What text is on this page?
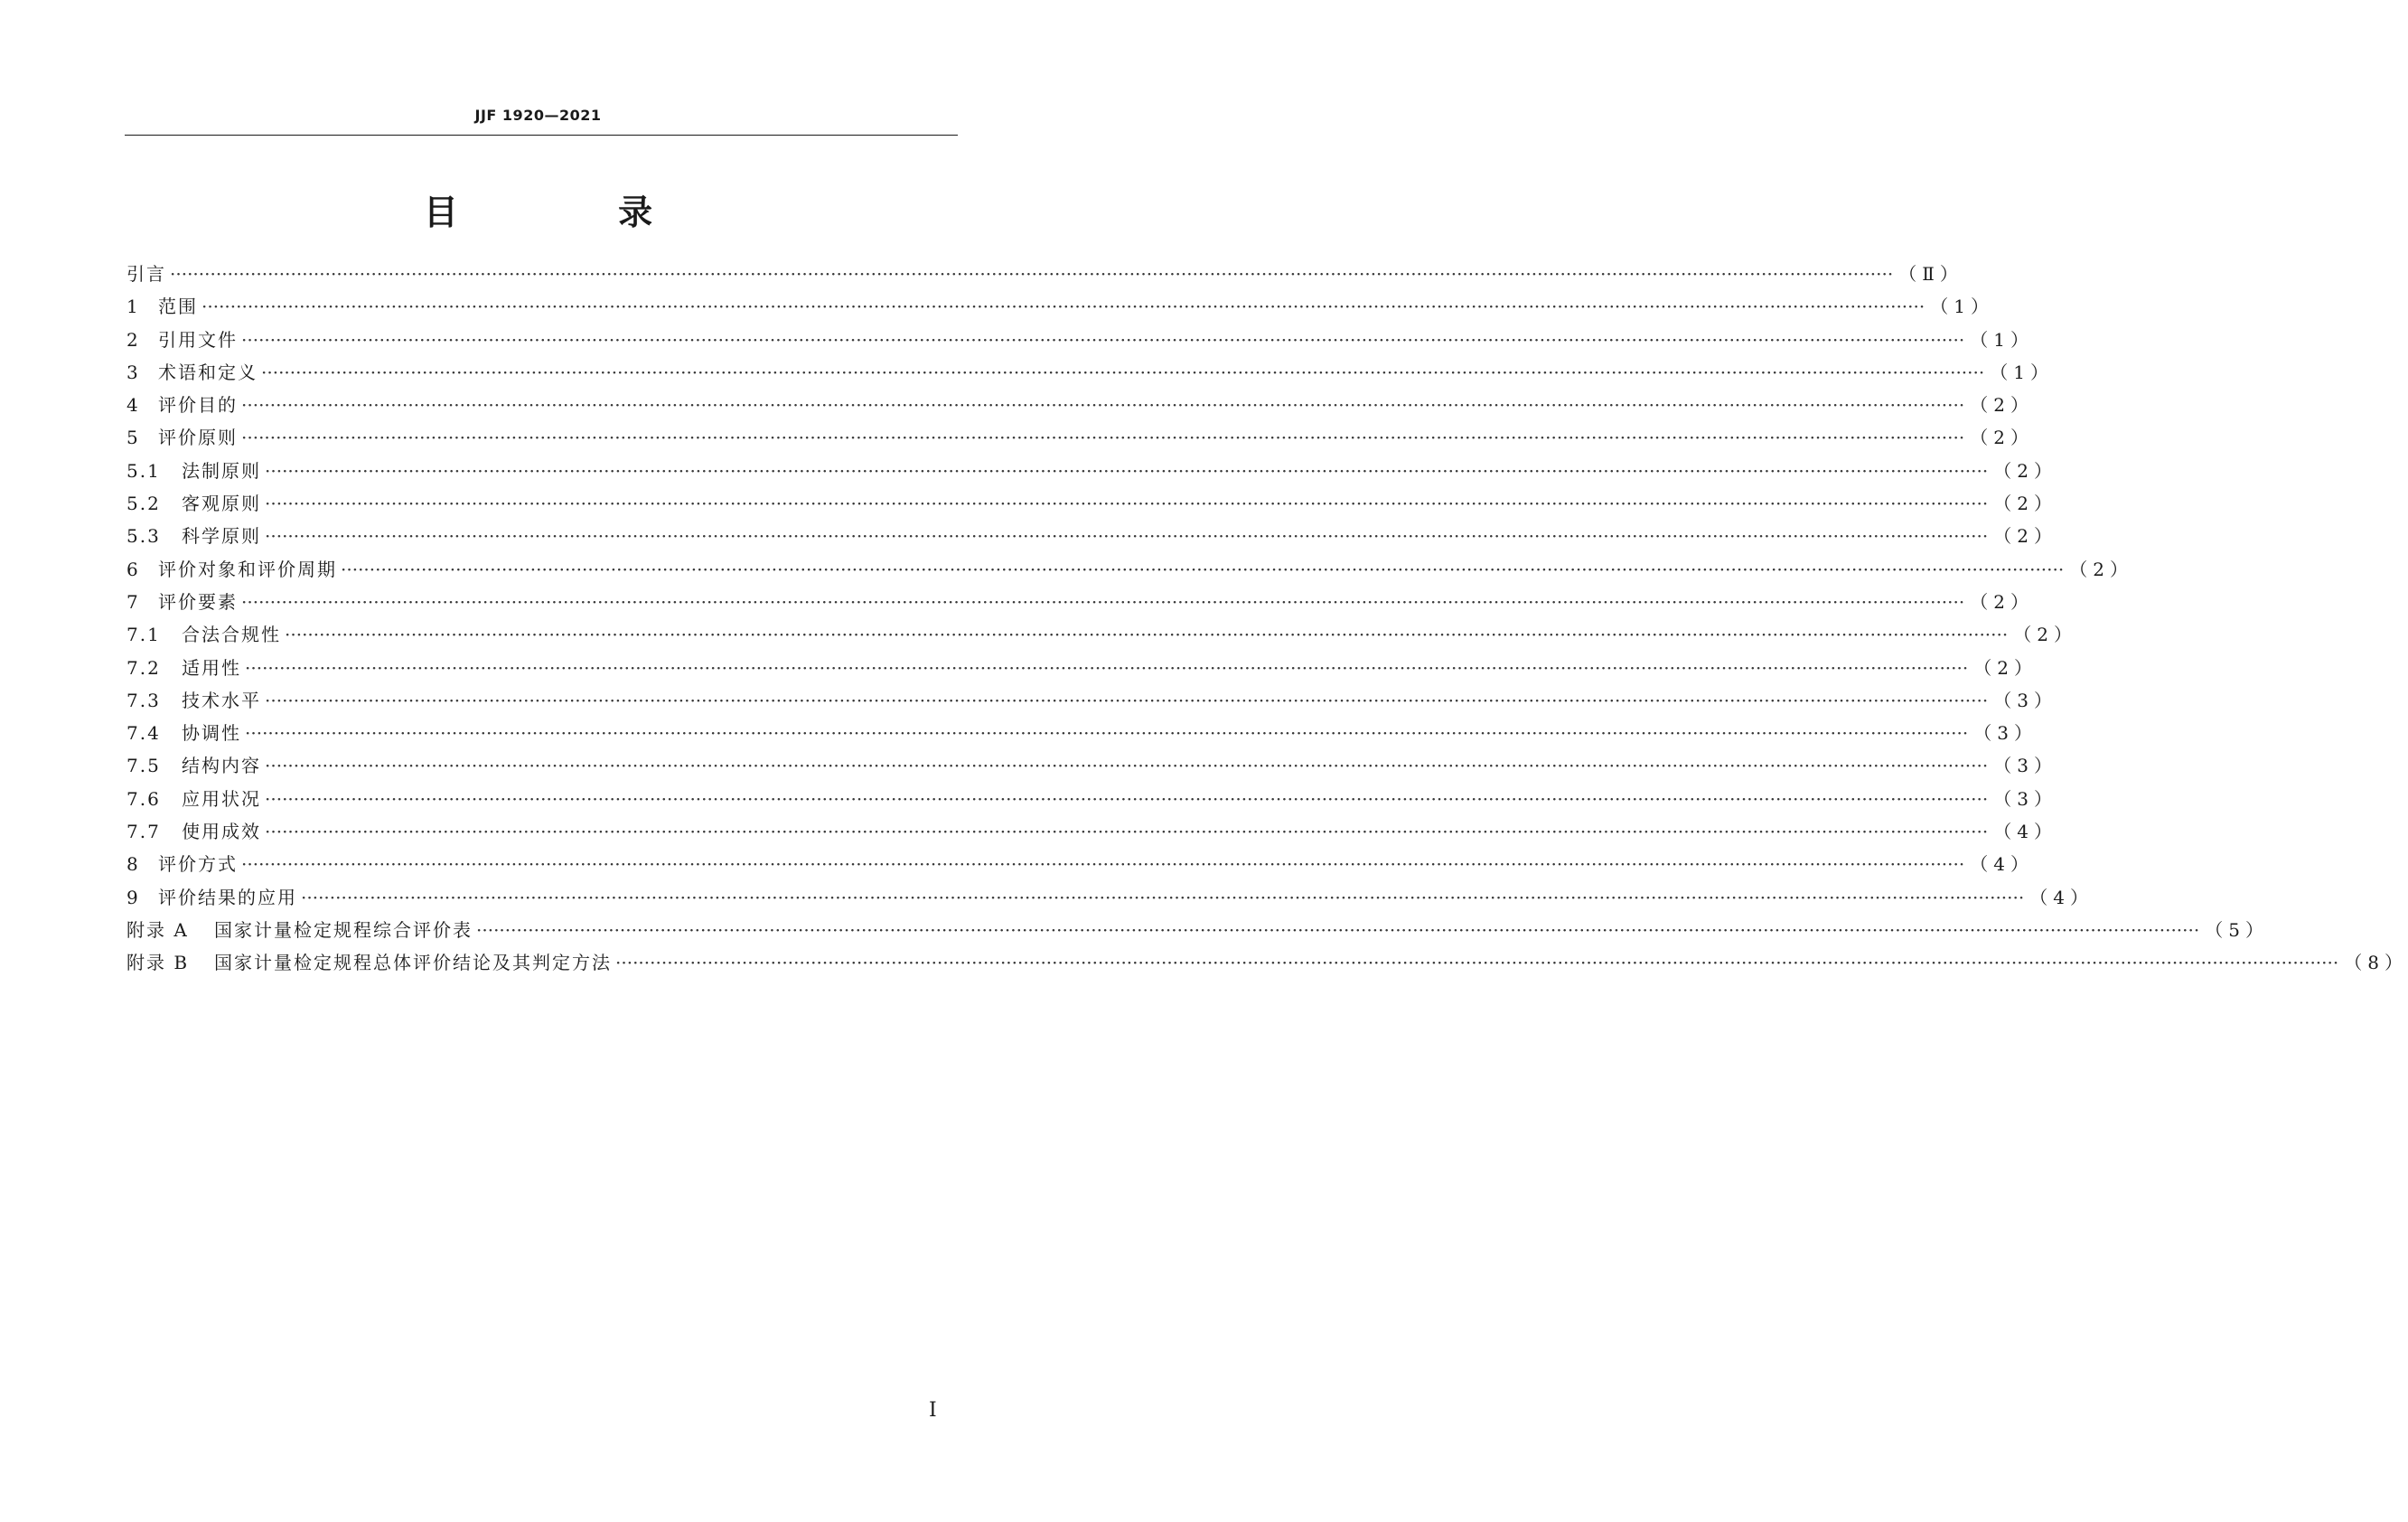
JJF 1920—2021
目 录
引言 ············································································································································································································································································································ （Ⅱ）
1	范围 ············································································································································································································································································································ （1）
2	引用文件 ············································································································································································································································································································ （1）
3	术语和定义 ············································································································································································································································································································ （1）
4	评价目的 ············································································································································································································································································································ （2）
5	评价原则 ············································································································································································································································································································ （2）
5.1	法制原则 ············································································································································································································································································································ （2）
5.2	客观原则 ············································································································································································································································································································ （2）
5.3	科学原则 ············································································································································································································································································································ （2）
6	评价对象和评价周期 ············································································································································································································································································································ （2）
7	评价要素 ············································································································································································································································································································ （2）
7.1	合法合规性 ············································································································································································································································································································ （2）
7.2	适用性 ············································································································································································································································································································ （2）
7.3	技术水平 ············································································································································································································································································································ （3）
7.4	协调性 ············································································································································································································································································································ （3）
7.5	结构内容 ············································································································································································································································································································ （3）
7.6	应用状况 ············································································································································································································································································································ （3）
7.7	使用成效 ············································································································································································································································································································ （4）
8	评价方式 ············································································································································································································································································································ （4）
9	评价结果的应用 ············································································································································································································································································································ （4）
附录 A	国家计量检定规程综合评价表 ············································································································································································································································································································ （5）
附录 B	国家计量检定规程总体评价结论及其判定方法 ············································································································································································································································································································ （8）
Ⅰ
